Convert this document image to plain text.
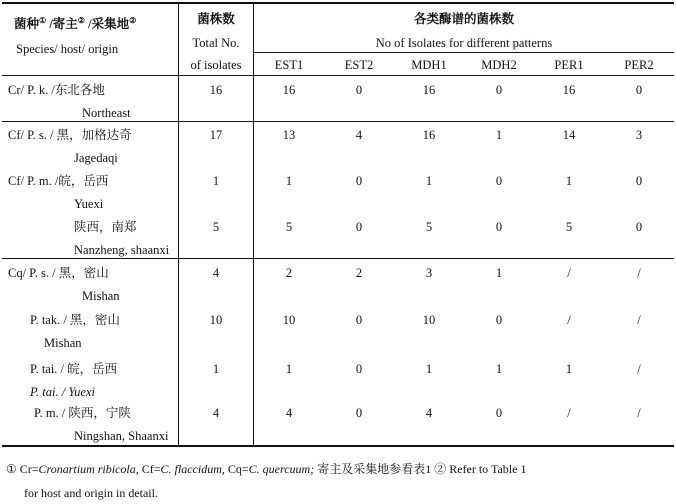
菌种① /寄主② /采集地②
Species/ host/ origin
菌株数
Total No.
of isolates
各类酶谱的菌株数
No of Isolates for different patterns
EST1	EST2	MDH1	MDH2	PER1	PER2
Cr/ P. k. /东北各地
Northeast
16	16	0	16	0	16	0
Cf/ P. s. / 黑，加格达奇
Jagedaqi
17	13	4	16	1	14	3
Cf/ P. m. /皖，岳西
Yuexi
1	1	0	1	0	1	0
陕西，南郑
Nanzheng, shaanxi
5	5	0	5	0	5	0
Cq/ P. s. / 黑，密山
Mishan
4	2	2	3	1	/	/
P. tak. / 黑，密山
Mishan
10	10	0	10	0	/	/
P. tai. / 皖，岳西
P. tai. / Yuexi
1	1	0	1	1	1	/
P. m. / 陕西，宁陕
Ningshan, Shaanxi
4	4	0	4	0	/	/
① Cr=Cronartium ribicola, Cf=C. flaccidum, Cq=C. quercuum; 寄主及采集地参看表1 ② Refer to Table 1
for host and origin in detail.
